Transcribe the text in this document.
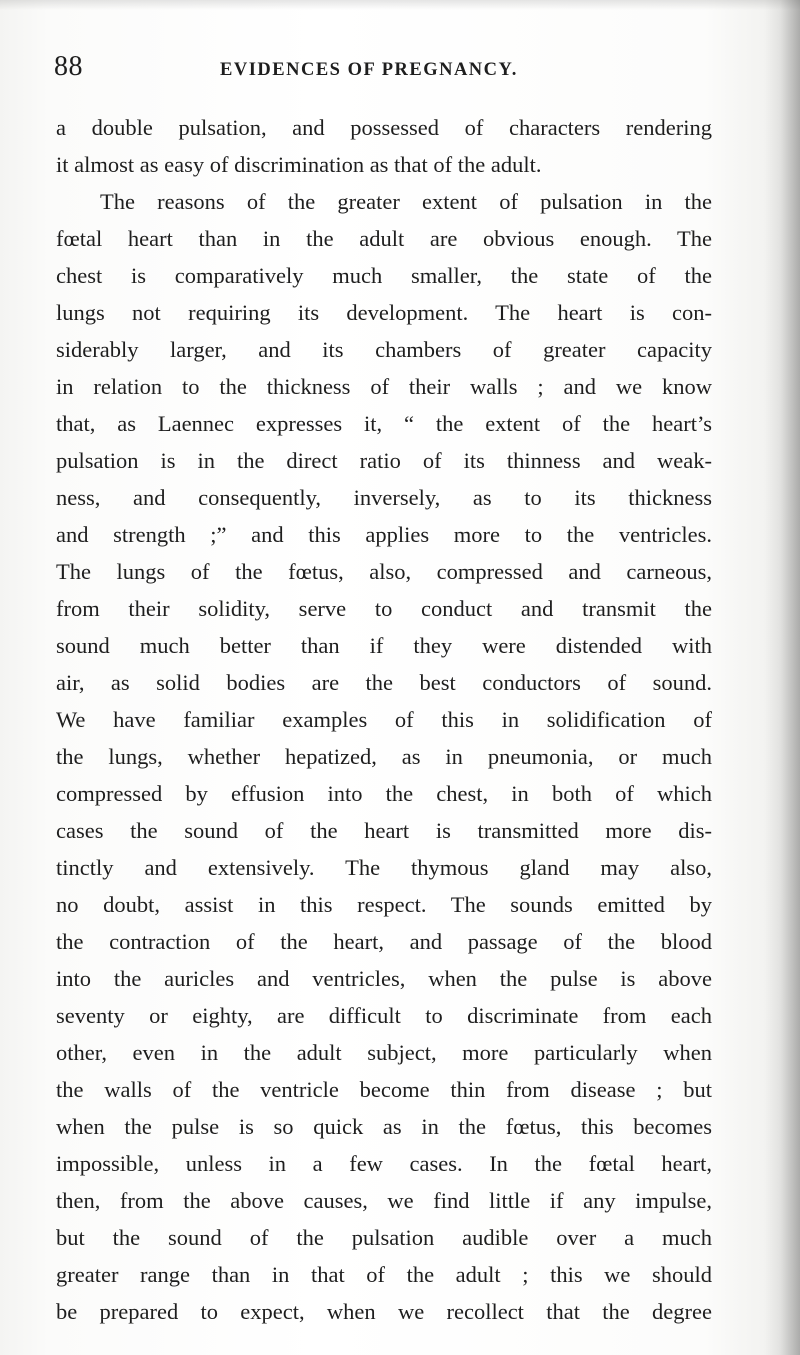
88	EVIDENCES OF PREGNANCY.
a double pulsation, and possessed of characters rendering
it almost as easy of discrimination as that of the adult.
The reasons of the greater extent of pulsation in the
fœtal heart than in the adult are obvious enough. The
chest is comparatively much smaller, the state of the
lungs not requiring its development. The heart is con-
siderably larger, and its chambers of greater capacity
in relation to the thickness of their walls ; and we know
that, as Laennec expresses it, “ the extent of the heart’s
pulsation is in the direct ratio of its thinness and weak-
ness, and consequently, inversely, as to its thickness
and strength ;” and this applies more to the ventricles.
The lungs of the fœtus, also, compressed and carneous,
from their solidity, serve to conduct and transmit the
sound much better than if they were distended with
air, as solid bodies are the best conductors of sound.
We have familiar examples of this in solidification of
the lungs, whether hepatized, as in pneumonia, or much
compressed by effusion into the chest, in both of which
cases the sound of the heart is transmitted more dis-
tinctly and extensively. The thymous gland may also,
no doubt, assist in this respect. The sounds emitted by
the contraction of the heart, and passage of the blood
into the auricles and ventricles, when the pulse is above
seventy or eighty, are difficult to discriminate from each
other, even in the adult subject, more particularly when
the walls of the ventricle become thin from disease ; but
when the pulse is so quick as in the fœtus, this becomes
impossible, unless in a few cases. In the fœtal heart,
then, from the above causes, we find little if any impulse,
but the sound of the pulsation audible over a much
greater range than in that of the adult ; this we should
be prepared to expect, when we recollect that the degree
